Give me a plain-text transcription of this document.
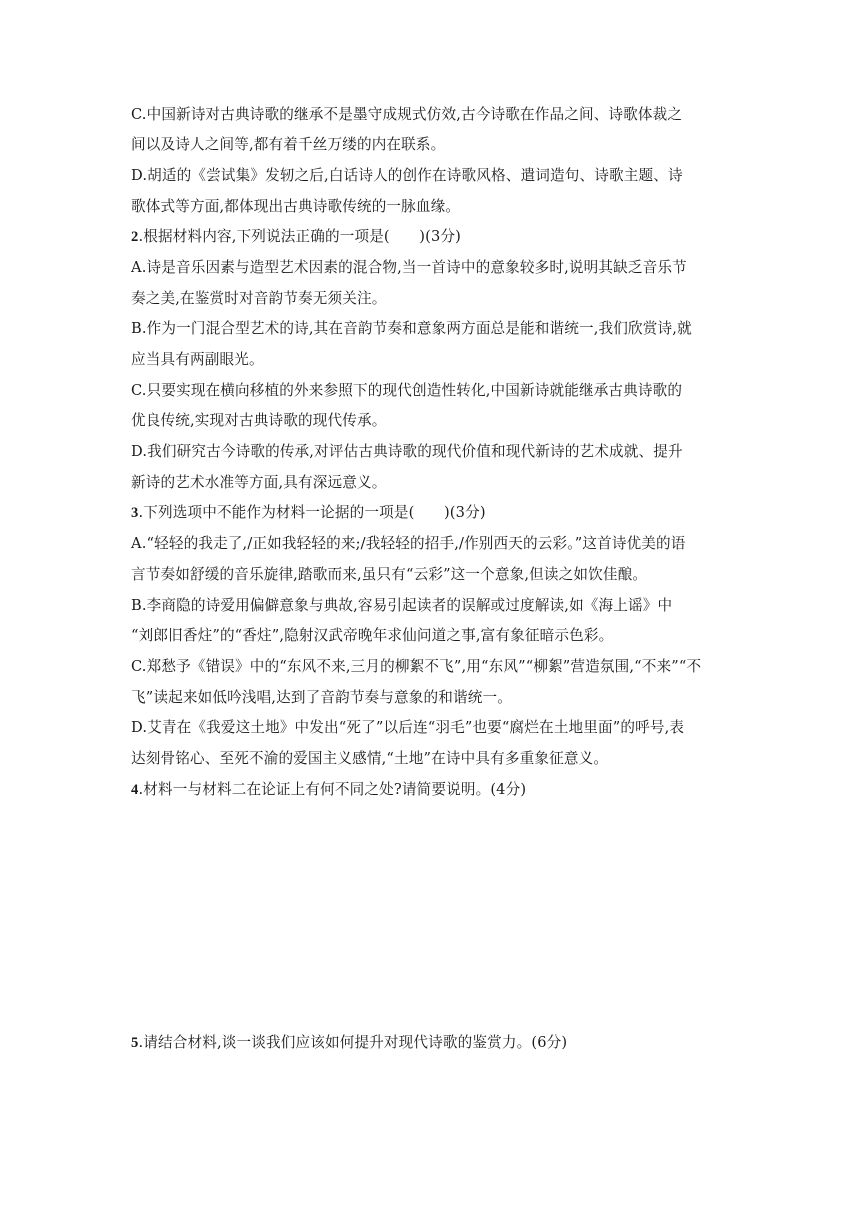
C.中国新诗对古典诗歌的继承不是墨守成规式仿效,古今诗歌在作品之间、诗歌体裁之
间以及诗人之间等,都有着千丝万缕的内在联系。
D.胡适的《尝试集》发轫之后,白话诗人的创作在诗歌风格、遣词造句、诗歌主题、诗
歌体式等方面,都体现出古典诗歌传统的一脉血缘。
2.根据材料内容,下列说法正确的一项是(　　)(3分)
A.诗是音乐因素与造型艺术因素的混合物,当一首诗中的意象较多时,说明其缺乏音乐节
奏之美,在鉴赏时对音韵节奏无须关注。
B.作为一门混合型艺术的诗,其在音韵节奏和意象两方面总是能和谐统一,我们欣赏诗,就
应当具有两副眼光。
C.只要实现在横向移植的外来参照下的现代创造性转化,中国新诗就能继承古典诗歌的
优良传统,实现对古典诗歌的现代传承。
D.我们研究古今诗歌的传承,对评估古典诗歌的现代价值和现代新诗的艺术成就、提升
新诗的艺术水准等方面,具有深远意义。
3.下列选项中不能作为材料一论据的一项是(　　)(3分)
A.“轻轻的我走了,/正如我轻轻的来;/我轻轻的招手,/作别西天的云彩。”这首诗优美的语
言节奏如舒缓的音乐旋律,踏歌而来,虽只有“云彩”这一个意象,但读之如饮佳酿。
B.李商隐的诗爱用偏僻意象与典故,容易引起读者的误解或过度解读,如《海上谣》中
“刘郎旧香炷”的“香炷”,隐射汉武帝晚年求仙问道之事,富有象征暗示色彩。
C.郑愁予《错误》中的“东风不来,三月的柳絮不飞”,用“东风”“柳絮”营造氛围,“不来”“不
飞”读起来如低吟浅唱,达到了音韵节奏与意象的和谐统一。
D.艾青在《我爱这土地》中发出“死了”以后连“羽毛”也要“腐烂在土地里面”的呼号,表
达刻骨铭心、至死不渝的爱国主义感情,“土地”在诗中具有多重象征意义。
4.材料一与材料二在论证上有何不同之处?请简要说明。(4分)
5.请结合材料,谈一谈我们应该如何提升对现代诗歌的鉴赏力。(6分)
